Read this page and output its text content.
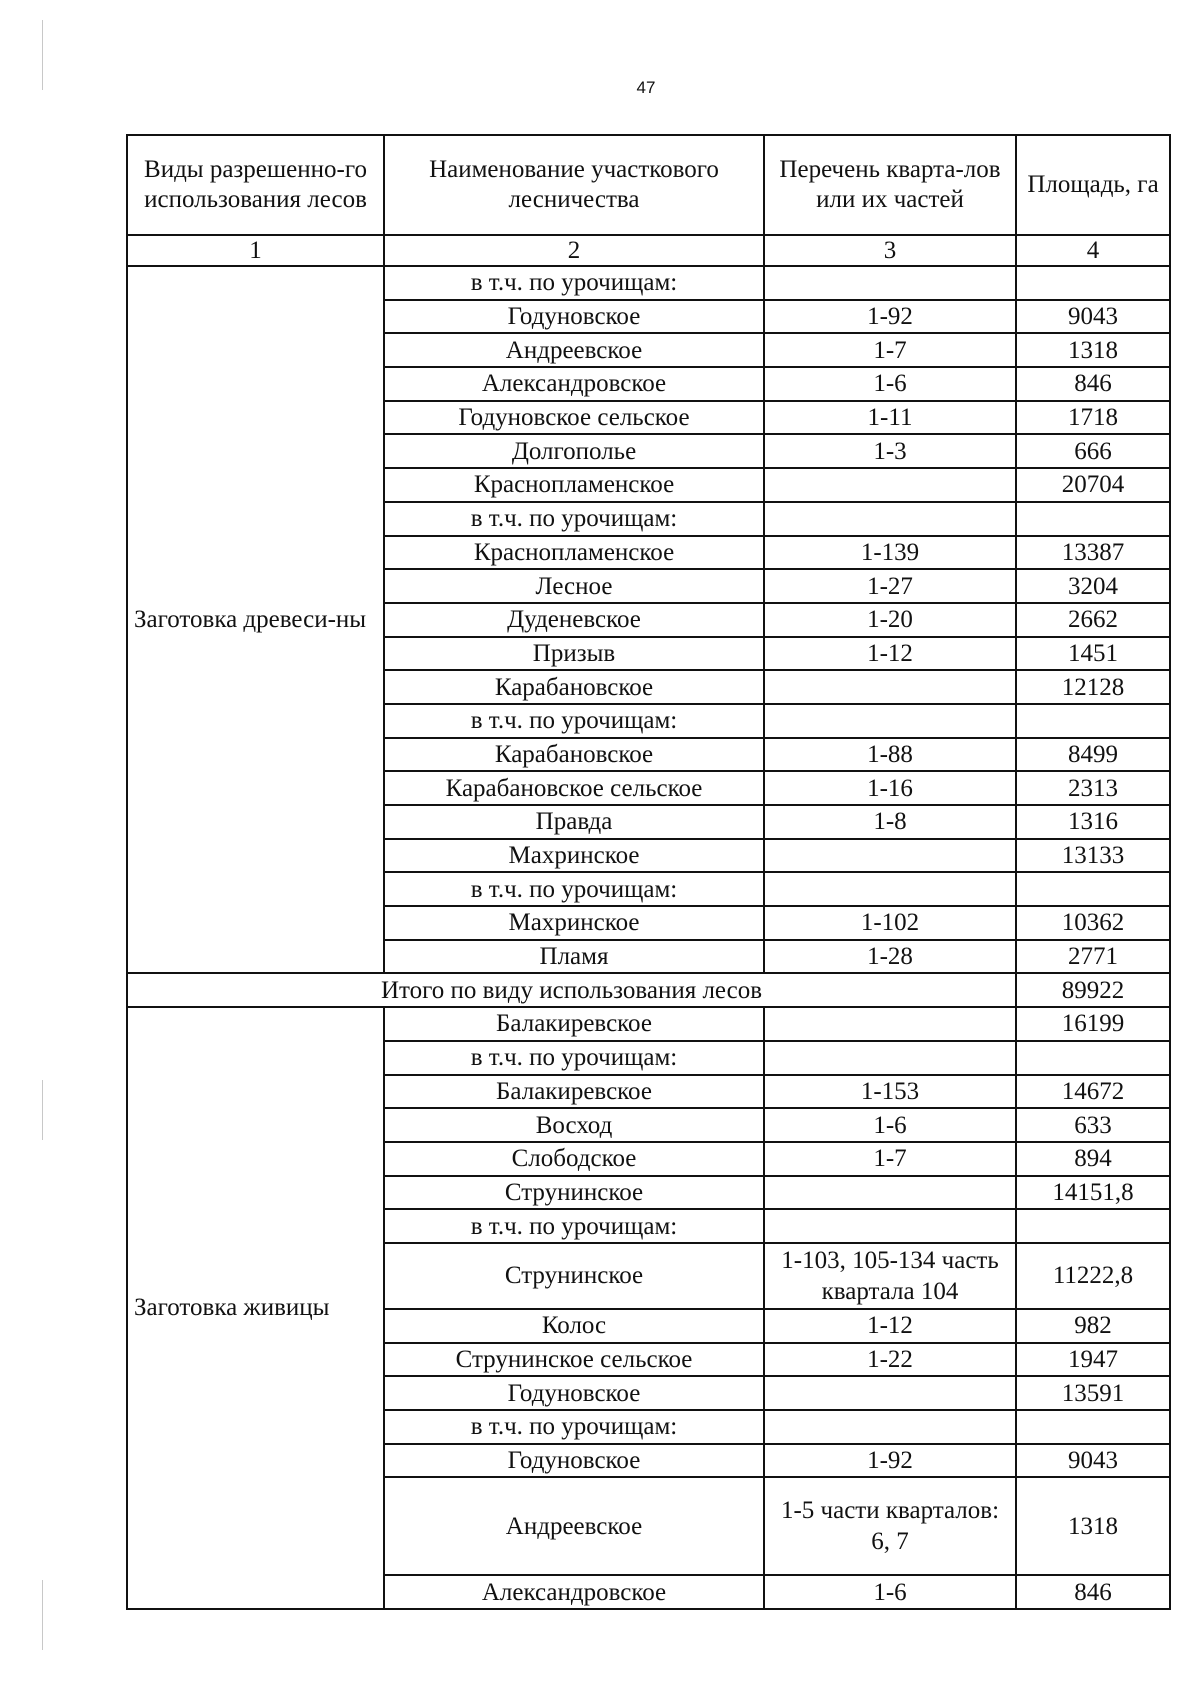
47
Виды разрешенно-го использования лесов	Наименование участкового лесничества	Перечень кварта-лов или их частей	Площадь, га
1	2	3	4
Заготовка древеси-ны	в т.ч. по урочищам:		
	Годуновское	1-92	9043
	Андреевское	1-7	1318
	Александровское	1-6	846
	Годуновское сельское	1-11	1718
	Долгополье	1-3	666
	Краснопламенское		20704
	в т.ч. по урочищам:		
	Краснопламенское	1-139	13387
	Лесное	1-27	3204
	Дуденевское	1-20	2662
	Призыв	1-12	1451
	Карабановское		12128
	в т.ч. по урочищам:		
	Карабановское	1-88	8499
	Карабановское сельское	1-16	2313
	Правда	1-8	1316
	Махринское		13133
	в т.ч. по урочищам:		
	Махринское	1-102	10362
	Пламя	1-28	2771
Итого по виду использования лесов			89922
Заготовка живицы	Балакиревское		16199
	в т.ч. по урочищам:		
	Балакиревское	1-153	14672
	Восход	1-6	633
	Слободское	1-7	894
	Струнинское		14151,8
	в т.ч. по урочищам:		
	Струнинское	1-103, 105-134 часть квартала 104	11222,8
	Колос	1-12	982
	Струнинское сельское	1-22	1947
	Годуновское		13591
	в т.ч. по урочищам:		
	Годуновское	1-92	9043
	Андреевское	1-5 части кварталов: 6, 7	1318
	Александровское	1-6	846
